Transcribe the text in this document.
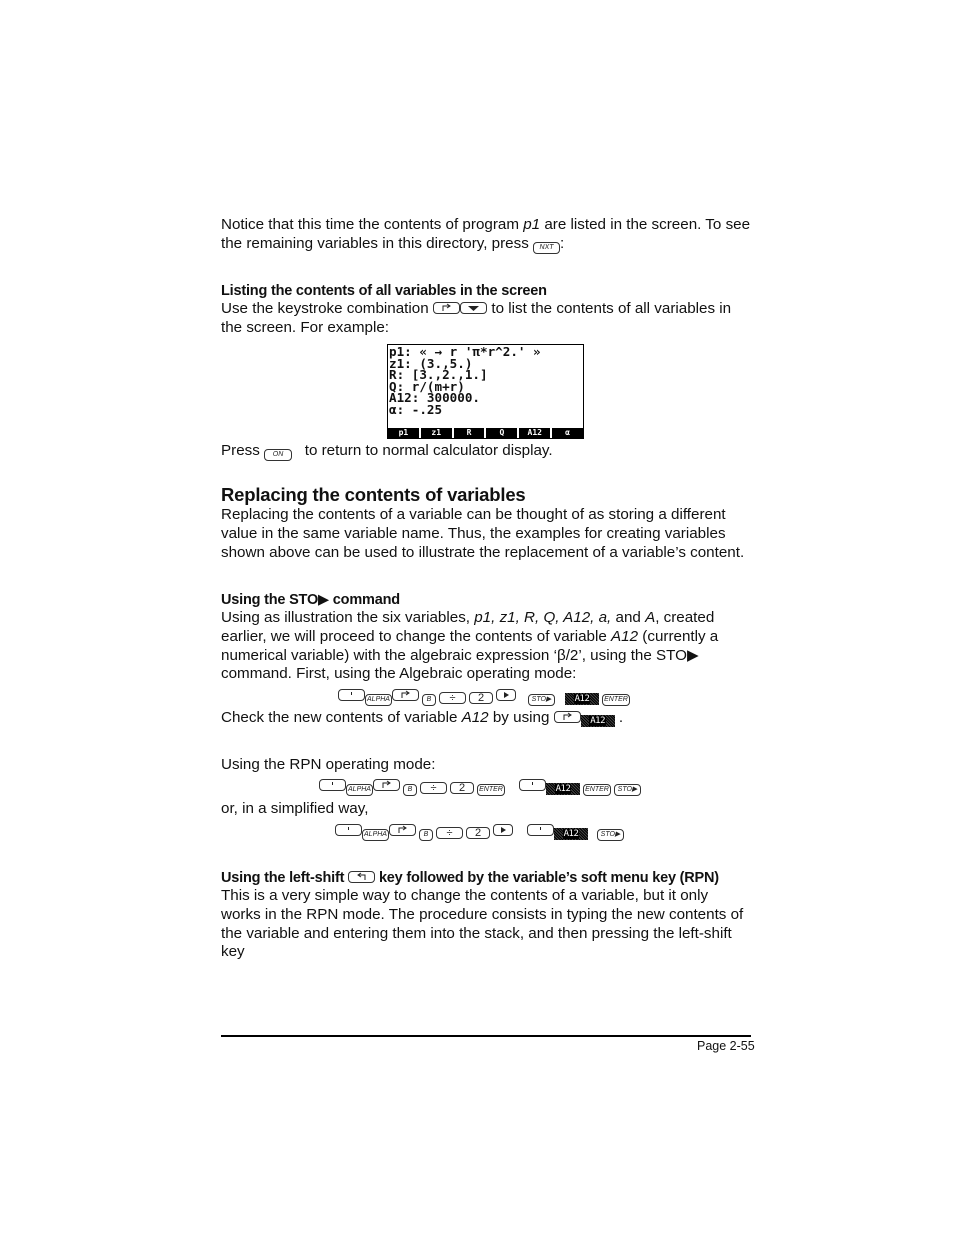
Notice that this time the contents of program p1 are listed in the screen. To see the remaining variables in this directory, press NXT :
Listing the contents of all variables in the screen
Use the keystroke combination
	to list the contents of all variables in the screen. For example:
p1: « → r 'π*r^2.' »
z1: (3.,5.)
R: [3.,2.,1.]
Q: r/(m+r)
A12: 300000.
α: -.25
p1	z1	R	Q	A12	α
Press ON   to return to normal calculator display.
Replacing the contents of variables
Replacing the contents of a variable can be thought of as storing a different value in the same variable name. Thus, the examples for creating variables shown above can be used to illustrate the replacement of a variable’s content.
Using the STO▶ command
Using as illustration the six variables, p1, z1, R, Q, A12, a, and A, created earlier, we will proceed to change the contents of variable A12 (currently a numerical variable) with the algebraic expression ‘β/2’, using the STO▶ command. First, using the Algebraic operating mode:
ALPHA	B ÷ 2	STO▶	A12 ENTER
Check the new contents of variable A12 by using	A12 .
Using the RPN operating mode:
ALPHA	B ÷ 2 ENTER	A12 ENTER STO▶
or, in a simplified way,
ALPHA	B ÷ 2	A12	STO▶
Using the left-shift
key followed by the variable’s soft menu key (RPN)
This is a very simple way to change the contents of a variable, but it only works in the RPN mode. The procedure consists in typing the new contents of the variable and entering them into the stack, and then pressing the left-shift key
Page 2-55
